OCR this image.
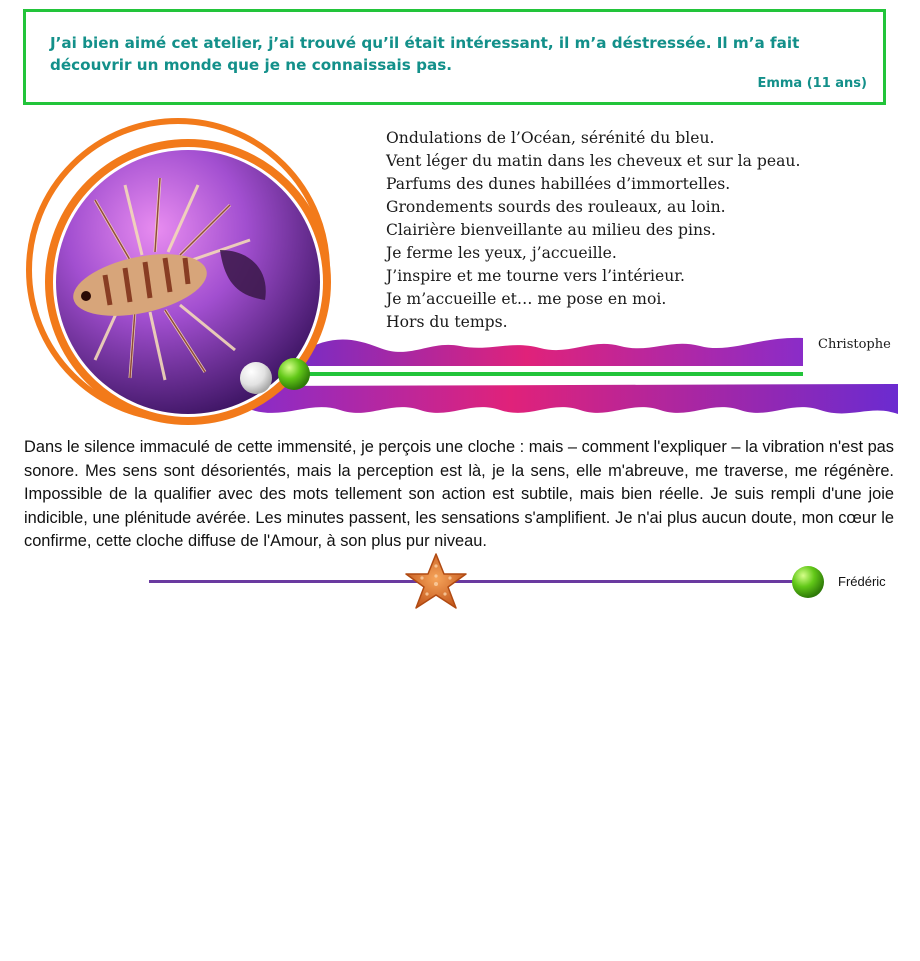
J’ai bien aimé cet atelier, j’ai trouvé qu’il était intéressant, il m’a déstressée. Il m’a fait découvrir un monde que je ne connaissais pas.
Emma (11 ans)
Ondulations de l’Océan, sérénité du bleu.
Vent léger du matin dans les cheveux et sur la peau.
Parfums des dunes habillées d’immortelles.
Grondements sourds des rouleaux, au loin.
Clairière bienveillante au milieu des pins.
Je ferme les yeux, j’accueille.
J’inspire et me tourne vers l’intérieur.
Je m’accueille et… me pose en moi.
Hors du temps.
Christophe
Dans le silence immaculé de cette immensité, je perçois une cloche : mais – comment l'expliquer – la vibration n'est pas sonore. Mes sens sont désorientés, mais la perception est là, je la sens, elle m'abreuve, me traverse, me régénère. Impossible de la qualifier avec des mots tellement son action est subtile, mais bien réelle. Je suis rempli d'une joie indicible, une plénitude avérée. Les minutes passent, les sensations s'amplifient. Je n'ai plus aucun doute, mon cœur le confirme, cette cloche diffuse de l'Amour, à son plus pur niveau.
Frédéric
